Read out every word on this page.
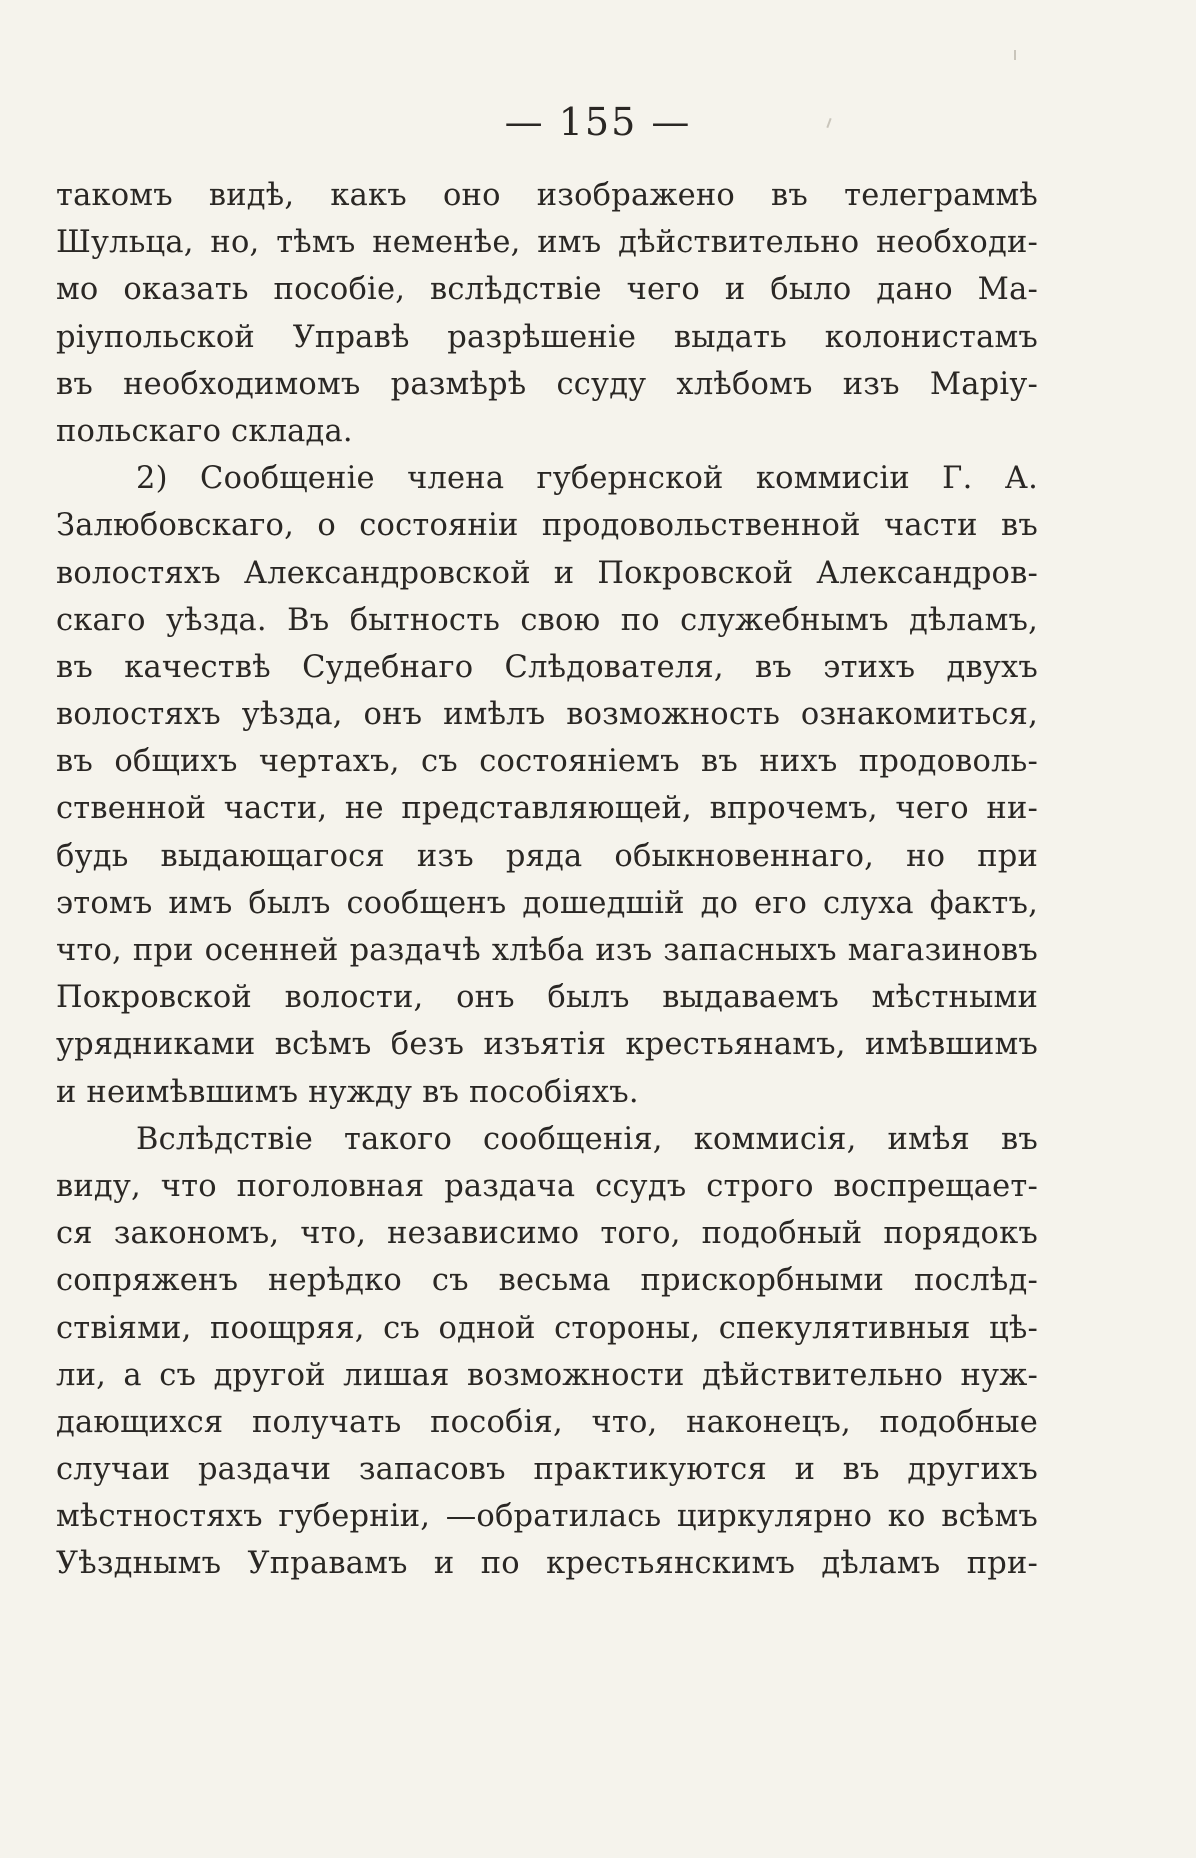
— 155 —
такомъ видѣ, какъ оно изображено въ телеграммѣ
Шульца, но, тѣмъ неменѣе, имъ дѣйствительно необходи-
мо оказать пособіе, вслѣдствіе чего и было дано Ма-
ріупольской Управѣ разрѣшеніе выдать колонистамъ
въ необходимомъ размѣрѣ ссуду хлѣбомъ изъ Маріу-
польскаго склада.
2) Сообщеніе члена губернской коммисіи Г. А.
Залюбовскаго, о состояніи продовольственной части въ
волостяхъ Александровской и Покровской Александров-
скаго уѣзда. Въ бытность свою по служебнымъ дѣламъ,
въ качествѣ Судебнаго Слѣдователя, въ этихъ двухъ
волостяхъ уѣзда, онъ имѣлъ возможность ознакомиться,
въ общихъ чертахъ, съ состояніемъ въ нихъ продоволь-
ственной части, не представляющей, впрочемъ, чего ни-
будь выдающагося изъ ряда обыкновеннаго, но при
этомъ имъ былъ сообщенъ дошедшій до его слуха фактъ,
что, при осенней раздачѣ хлѣба изъ запасныхъ магазиновъ
Покровской волости, онъ былъ выдаваемъ мѣстными
урядниками всѣмъ безъ изъятія крестьянамъ, имѣвшимъ
и неимѣвшимъ нужду въ пособіяхъ.
Вслѣдствіе такого сообщенія, коммисія, имѣя въ
виду, что поголовная раздача ссудъ строго воспрещает-
ся закономъ, что, независимо того, подобный порядокъ
сопряженъ нерѣдко съ весьма прискорбными послѣд-
ствіями, поощряя, съ одной стороны, спекулятивныя цѣ-
ли, а съ другой лишая возможности дѣйствительно нуж-
дающихся получать пособія, что, наконецъ, подобные
случаи раздачи запасовъ практикуются и въ другихъ
мѣстностяхъ губерніи, —обратилась циркулярно ко всѣмъ
Уѣзднымъ Управамъ и по крестьянскимъ дѣламъ при-
